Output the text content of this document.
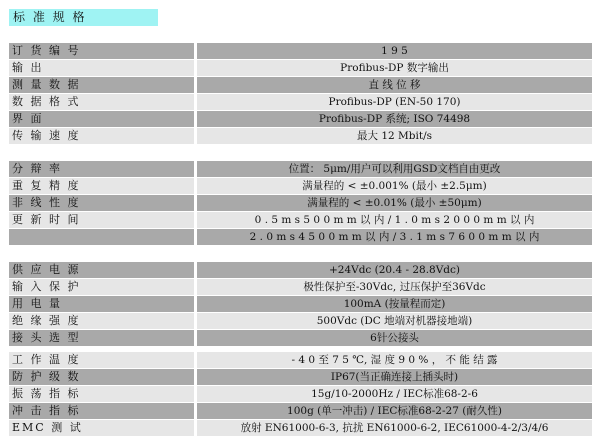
标 准 规 格
订 货 编 号	1 9 5
输 出	Profibus-DP 数字输出
测 量 数 据	直 线 位 移
数 据 格 式	Profibus-DP (EN-50 170)
界 面	Profibus-DP 系统; ISO 74498
传 输 速 度	最大 12 Mbit/s
分 辩 率	位置： 5μm/用户可以利用GSD文档自由更改
重 复 精 度	满量程的 < ±0.001% (最小 ±2.5μm)
非 线 性 度	满量程的 < ±0.01% (最小 ±50μm)
更 新 时 间	0 . 5 m s 5 0 0 m m 以 内 / 1 . 0 m s 2 0 0 0 m m 以 内
2 . 0 m s 4 5 0 0 m m 以 内 / 3 . 1 m s 7 6 0 0 m m 以 内
供 应 电 源	+24Vdc (20.4 - 28.8Vdc)
输 入 保 护	极性保护至-30Vdc, 过压保护至36Vdc
用 电 量	100mA (按量程而定)
绝 缘 强 度	500Vdc (DC 地端对机器接地端)
接 头 选 型	6针公接头
工 作 温 度	- 4 0 至 7 5 ℃, 湿 度 9 0 % ， 不 能 结 露
防 护 级 数	IP67(当正确连接上插头时)
振 荡 指 标	15g/10-2000Hz / IEC标准68-2-6
冲 击 指 标	100g (单一冲击) / IEC标准68-2-27 (耐久性)
EMC 测 试	放射 EN61000-6-3, 抗扰 EN61000-6-2, IEC61000-4-2/3/4/6
